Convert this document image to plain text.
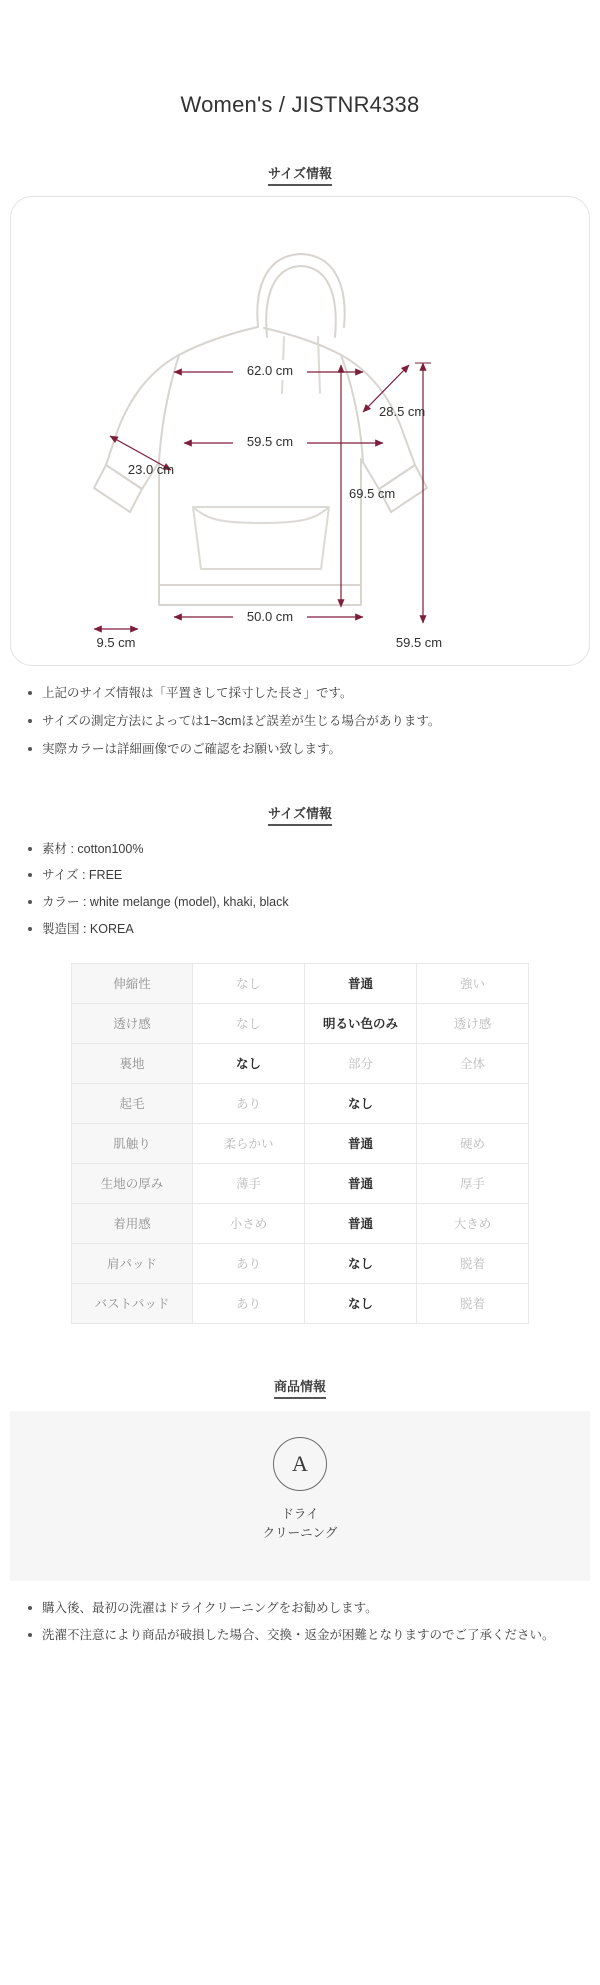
Women's / JISTNR4338
サイズ情報
62.0 cm
59.5 cm
28.5 cm
23.0 cm
69.5 cm
50.0 cm
9.5 cm	59.5 cm
上記のサイズ情報は「平置きして採寸した長さ」です。
サイズの測定方法によっては1~3cmほど誤差が生じる場合があります。
実際カラーは詳細画像でのご確認をお願い致します。
サイズ情報
素材 : cotton100%
サイズ : FREE
カラー : white melange (model), khaki, black
製造国 : KOREA
伸縮性	なし	普通	強い
透け感	なし	明るい色のみ	透け感
裏地	なし	部分	全体
起毛	あり	なし	
肌触り	柔らかい	普通	硬め
生地の厚み	薄手	普通	厚手
着用感	小さめ	普通	大きめ
肩パッド	あり	なし	脱着
バストパッド	あり	なし	脱着
商品情報
A
ドライ
クリーニング
購入後、最初の洗濯はドライクリーニングをお勧めします。
洗濯不注意により商品が破損した場合、交換・返金が困難となりますのでご了承ください。
